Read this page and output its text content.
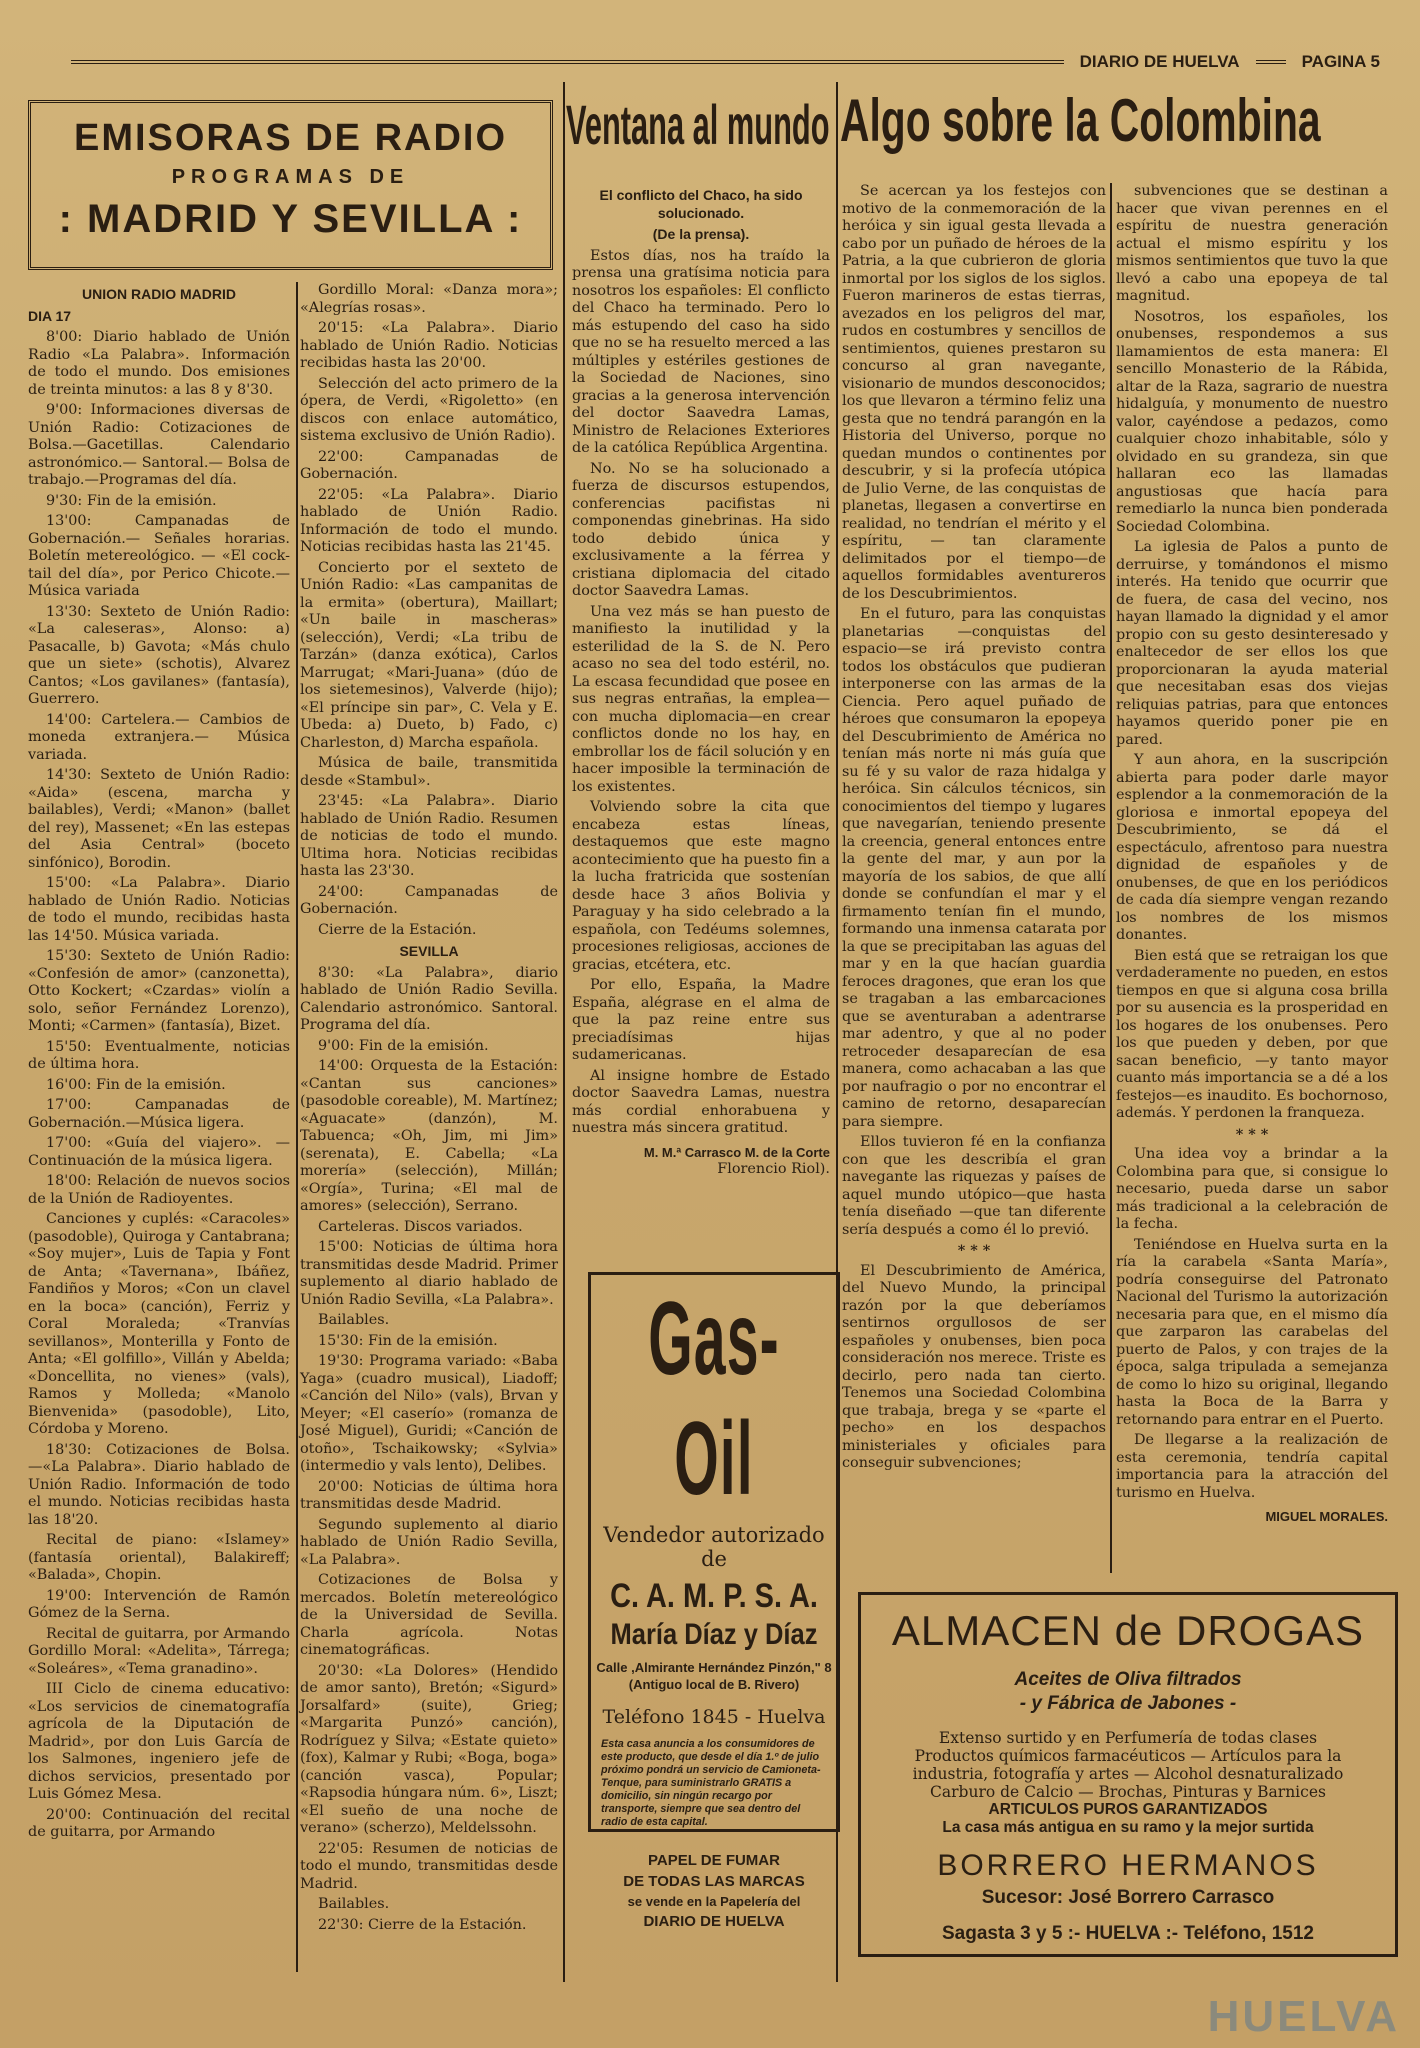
DIARIO DE HUELVA	PAGINA 5
EMISORAS DE RADIO
PROGRAMAS DE
: MADRID Y SEVILLA :
UNION RADIO MADRID
DIA 17

8'00: Diario hablado de Unión Radio «La Palabra». Información de todo el mundo. Dos emisiones de treinta minutos: a las 8 y 8'30.

9'00: Informaciones diversas de Unión Radio: Cotizaciones de Bolsa.—Gacetillas. Calendario astronómico.— Santoral.— Bolsa de trabajo.—Programas del día.

9'30: Fin de la emisión.

13'00: Campanadas de Gobernación.— Señales horarias. Boletín metereológico. — «El cock-tail del día», por Perico Chicote.—Música variada

13'30: Sexteto de Unión Radio: «La caleseras», Alonso: a) Pasacalle, b) Gavota; «Más chulo que un siete» (schotis), Alvarez Cantos; «Los gavilanes» (fantasía), Guerrero.

14'00: Cartelera.— Cambios de moneda extranjera.— Música variada.

14'30: Sexteto de Unión Radio: «Aida» (escena, marcha y bailables), Verdi; «Manon» (ballet del rey), Massenet; «En las estepas del Asia Central» (boceto sinfónico), Borodin.

15'00: «La Palabra». Diario hablado de Unión Radio. Noticias de todo el mundo, recibidas hasta las 14'50. Música variada.

15'30: Sexteto de Unión Radio: «Confesión de amor» (canzonetta), Otto Kockert; «Czardas» violín a solo, señor Fernández Lorenzo), Monti; «Carmen» (fantasía), Bizet.

15'50: Eventualmente, noticias de última hora.

16'00: Fin de la emisión.

17'00: Campanadas de Gobernación.—Música ligera.

17'00: «Guía del viajero». —Continuación de la música ligera.

18'00: Relación de nuevos socios de la Unión de Radioyentes.

Canciones y cuplés: «Caracoles» (pasodoble), Quiroga y Cantabrana; «Soy mujer», Luis de Tapia y Font de Anta; «Tavernana», Ibáñez, Fandiños y Moros; «Con un clavel en la boca» (canción), Ferriz y Coral Moraleda; «Tranvías sevillanos», Monterilla y Fonto de Anta; «El golfillo», Villán y Abelda; «Doncellita, no vienes» (vals), Ramos y Molleda; «Manolo Bienvenida» (pasodoble), Lito, Córdoba y Moreno.

18'30: Cotizaciones de Bolsa.—«La Palabra». Diario hablado de Unión Radio. Información de todo el mundo. Noticias recibidas hasta las 18'20.

Recital de piano: «Islamey» (fantasía oriental), Balakireff; «Balada», Chopin.

19'00: Intervención de Ramón Gómez de la Serna.

Recital de guitarra, por Armando Gordillo Moral: «Adelita», Tárrega; «Soleáres», «Tema granadino».

III Ciclo de cinema educativo: «Los servicios de cinematografía agrícola de la Diputación de Madrid», por don Luis García de los Salmones, ingeniero jefe de dichos servicios, presentado por Luis Gómez Mesa.

20'00: Continuación del recital de guitarra, por Armando

Gordillo Moral: «Danza mora»; «Alegrías rosas».

20'15: «La Palabra». Diario hablado de Unión Radio. Noticias recibidas hasta las 20'00.

Selección del acto primero de la ópera, de Verdi, «Rigoletto» (en discos con enlace automático, sistema exclusivo de Unión Radio).

22'00: Campanadas de Gobernación.

22'05: «La Palabra». Diario hablado de Unión Radio. Información de todo el mundo. Noticias recibidas hasta las 21'45.

Concierto por el sexteto de Unión Radio: «Las campanitas de la ermita» (obertura), Maillart; «Un baile in mascheras» (selección), Verdi; «La tribu de Tarzán» (danza exótica), Carlos Marrugat; «Mari-Juana» (dúo de los sietemesinos), Valverde (hijo); «El príncipe sin par», C. Vela y E. Ubeda: a) Dueto, b) Fado, c) Charleston, d) Marcha española.

Música de baile, transmitida desde «Stambul».

23'45: «La Palabra». Diario hablado de Unión Radio. Resumen de noticias de todo el mundo. Ultima hora. Noticias recibidas hasta las 23'30.

24'00: Campanadas de Gobernación.

Cierre de la Estación.

SEVILLA

8'30: «La Palabra», diario hablado de Unión Radio Sevilla. Calendario astronómico. Santoral. Programa del día.

9'00: Fin de la emisión.

14'00: Orquesta de la Estación: «Cantan sus canciones» (pasodoble coreable), M. Martínez; «Aguacate» (danzón), M. Tabuenca; «Oh, Jim, mi Jim» (serenata), E. Cabella; «La morería» (selección), Millán; «Orgía», Turina; «El mal de amores» (selección), Serrano.

Carteleras. Discos variados.

15'00: Noticias de última hora transmitidas desde Madrid. Primer suplemento al diario hablado de Unión Radio Sevilla, «La Palabra».

Bailables.

15'30: Fin de la emisión.

19'30: Programa variado: «Baba Yaga» (cuadro musical), Liadoff; «Canción del Nilo» (vals), Brvan y Meyer; «El caserío» (romanza de José Miguel), Guridi; «Canción de otoño», Tschaikowsky; «Sylvia» (intermedio y vals lento), Delibes.

20'00: Noticias de última hora transmitidas desde Madrid.

Segundo suplemento al diario hablado de Unión Radio Sevilla, «La Palabra».

Cotizaciones de Bolsa y mercados. Boletín metereológico de la Universidad de Sevilla. Charla agrícola. Notas cinematográficas.

20'30: «La Dolores» (Hendido de amor santo), Bretón; «Sigurd» Jorsalfard» (suite), Grieg; «Margarita Punzó» canción), Rodríguez y Silva; «Estate quieto» (fox), Kalmar y Rubi; «Boga, boga» (canción vasca), Popular; «Rapsodia húngara núm. 6», Liszt; «El sueño de una noche de verano» (scherzo), Meldelssohn.

22'05: Resumen de noticias de todo el mundo, transmitidas desde Madrid.

Bailables.

22'30: Cierre de la Estación.

Ventana al mundo
El conflicto del Chaco, ha sido solucionado.
(De la prensa).

Estos días, nos ha traído la prensa una gratísima noticia para nosotros los españoles: El conflicto del Chaco ha terminado. Pero lo más estupendo del caso ha sido que no se ha resuelto merced a las múltiples y estériles gestiones de la Sociedad de Naciones, sino gracias a la generosa intervención del doctor Saavedra Lamas, Ministro de Relaciones Exteriores de la católica República Argentina.

No. No se ha solucionado a fuerza de discursos estupendos, conferencias pacifistas ni componendas ginebrinas. Ha sido todo debido única y exclusivamente a la férrea y cristiana diplomacia del citado doctor Saavedra Lamas.

Una vez más se han puesto de manifiesto la inutilidad y la esterilidad de la S. de N. Pero acaso no sea del todo estéril, no. La escasa fecundidad que posee en sus negras entrañas, la emplea—con mucha diplomacia—en crear conflictos donde no los hay, en embrollar los de fácil solución y en hacer imposible la terminación de los existentes.

Volviendo sobre la cita que encabeza estas líneas, destaquemos que este magno acontecimiento que ha puesto fin a la lucha fratricida que sostenían desde hace 3 años Bolivia y Paraguay y ha sido celebrado a la española, con Tedéums solemnes, procesiones religiosas, acciones de gracias, etcétera, etc.

Por ello, España, la Madre España, alégrase en el alma de que la paz reine entre sus preciadísimas hijas sudamericanas.

Al insigne hombre de Estado doctor Saavedra Lamas, nuestra más cordial enhorabuena y nuestra más sincera gratitud.

M. M.ª Carrasco M. de la Corte
Florencio Riol).
Gas-Oil
Vendedor autorizado de
C. A. M. P. S. A.
María Díaz y Díaz
Calle ,Almirante Hernández Pinzón," 8
(Antiguo local de B. Rivero)
Teléfono 1845 - Huelva
Esta casa anuncia a los consumidores de este producto, que desde el día 1.º de julio próximo pondrá un servicio de Camioneta-Tenque, para suministrarlo GRATIS a domicilio, sin ningún recargo por transporte, siempre que sea dentro del radio de esta capital.
PAPEL DE FUMAR
DE TODAS LAS MARCAS
se vende en la Papelería del
DIARIO DE HUELVA
Algo sobre la Colombina

Se acercan ya los festejos con motivo de la conmemoración de la heróica y sin igual gesta llevada a cabo por un puñado de héroes de la Patria, a la que cubrieron de gloria inmortal por los siglos de los siglos. Fueron marineros de estas tierras, avezados en los peligros del mar, rudos en costumbres y sencillos de sentimientos, quienes prestaron su concurso al gran navegante, visionario de mundos desconocidos; los que llevaron a término feliz una gesta que no tendrá parangón en la Historia del Universo, porque no quedan mundos o continentes por descubrir, y si la profecía utópica de Julio Verne, de las conquistas de planetas, llegasen a convertirse en realidad, no tendrían el mérito y el espíritu, — tan claramente delimitados por el tiempo—de aquellos formidables aventureros de los Descubrimientos.

En el futuro, para las conquistas planetarias —conquistas del espacio—se irá previsto contra todos los obstáculos que pudieran interponerse con las armas de la Ciencia. Pero aquel puñado de héroes que consumaron la epopeya del Descubrimiento de América no tenían más norte ni más guía que su fé y su valor de raza hidalga y heróica. Sin cálculos técnicos, sin conocimientos del tiempo y lugares que navegarían, teniendo presente la creencia, general entonces entre la gente del mar, y aun por la mayoría de los sabios, de que allí donde se confundían el mar y el firmamento tenían fin el mundo, formando una inmensa catarata por la que se precipitaban las aguas del mar y en la que hacían guardia feroces dragones, que eran los que se tragaban a las embarcaciones que se aventuraban a adentrarse mar adentro, y que al no poder retroceder desaparecían de esa manera, como achacaban a las que por naufragio o por no encontrar el camino de retorno, desaparecían para siempre.

Ellos tuvieron fé en la confianza con que les describía el gran navegante las riquezas y países de aquel mundo utópico—que hasta tenía diseñado —que tan diferente sería después a como él lo previó.

* * *

El Descubrimiento de América, del Nuevo Mundo, la principal razón por la que deberíamos sentirnos orgullosos de ser españoles y onubenses, bien poca consideración nos merece. Triste es decirlo, pero nada tan cierto. Tenemos una Sociedad Colombina que trabaja, brega y se «parte el pecho» en los despachos ministeriales y oficiales para conseguir subvenciones;

subvenciones que se destinan a hacer que vivan perennes en el espíritu de nuestra generación actual el mismo espíritu y los mismos sentimientos que tuvo la que llevó a cabo una epopeya de tal magnitud.

Nosotros, los españoles, los onubenses, respondemos a sus llamamientos de esta manera: El sencillo Monasterio de la Rábida, altar de la Raza, sagrario de nuestra hidalguía, y monumento de nuestro valor, cayéndose a pedazos, como cualquier chozo inhabitable, sólo y olvidado en su grandeza, sin que hallaran eco las llamadas angustiosas que hacía para remediarlo la nunca bien ponderada Sociedad Colombina.

La iglesia de Palos a punto de derruirse, y tomándonos el mismo interés. Ha tenido que ocurrir que de fuera, de casa del vecino, nos hayan llamado la dignidad y el amor propio con su gesto desinteresado y enaltecedor de ser ellos los que proporcionaran la ayuda material que necesitaban esas dos viejas reliquias patrias, para que entonces hayamos querido poner pie en pared.

Y aun ahora, en la suscripción abierta para poder darle mayor esplendor a la conmemoración de la gloriosa e inmortal epopeya del Descubrimiento, se dá el espectáculo, afrentoso para nuestra dignidad de españoles y de onubenses, de que en los periódicos de cada día siempre vengan rezando los nombres de los mismos donantes.

Bien está que se retraigan los que verdaderamente no pueden, en estos tiempos en que si alguna cosa brilla por su ausencia es la prosperidad en los hogares de los onubenses. Pero los que pueden y deben, por que sacan beneficio, —y tanto mayor cuanto más importancia se a dé a los festejos—es inaudito. Es bochornoso, además. Y perdonen la franqueza.

* * *

Una idea voy a brindar a la Colombina para que, si consigue lo necesario, pueda darse un sabor más tradicional a la celebración de la fecha.

Teniéndose en Huelva surta en la ría la carabela «Santa María», podría conseguirse del Patronato Nacional del Turismo la autorización necesaria para que, en el mismo día que zarparon las carabelas del puerto de Palos, y con trajes de la época, salga tripulada a semejanza de como lo hizo su original, llegando hasta la Boca de la Barra y retornando para entrar en el Puerto.

De llegarse a la realización de esta ceremonia, tendría capital importancia para la atracción del turismo en Huelva.

MIGUEL MORALES.
ALMACEN de DROGAS
Aceites de Oliva filtrados
- y Fábrica de Jabones -
Extenso surtido y en Perfumería de todas clases
Productos químicos farmacéuticos — Artículos para la industria, fotografía y artes — Alcohol desnaturalizado
Carburo de Calcio — Brochas, Pinturas y Barnices
ARTICULOS PUROS GARANTIZADOS
La casa más antigua en su ramo y la mejor surtida
BORRERO HERMANOS
Sucesor: José Borrero Carrasco
Sagasta 3 y 5 :- HUELVA :- Teléfono, 1512
HUELVA
